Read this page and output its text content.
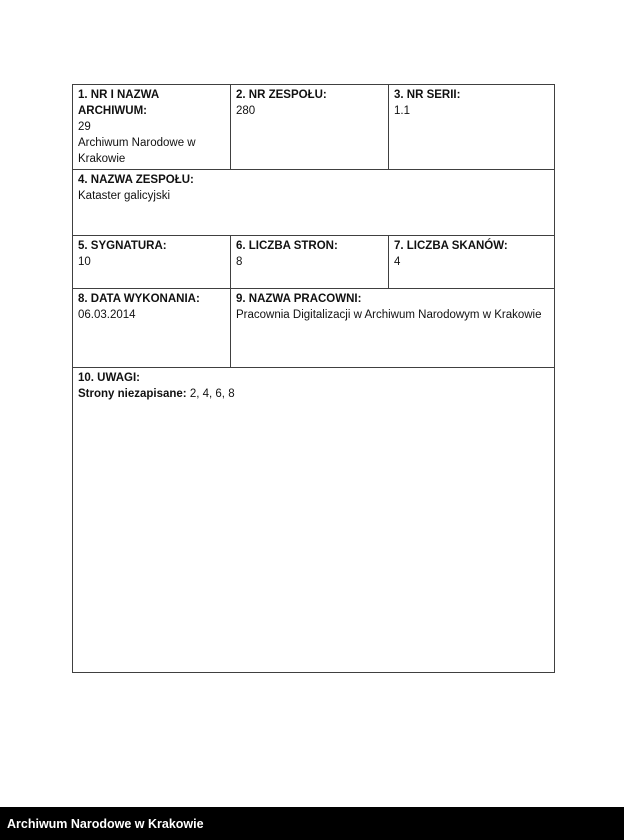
1. NR I NAZWA ARCHIWUM:
29
Archiwum Narodowe w Krakowie

2. NR ZESPOŁU:
280

3. NR SERII:
1.1

4. NAZWA ZESPOŁU:
Kataster galicyjski		

5. SYGNATURA:
10

6. LICZBA STRON:
8

7. LICZBA SKANÓW:
4

8. DATA WYKONANIA:
06.03.2014

9. NAZWA PRACOWNI:
Pracownia Digitalizacji w Archiwum Narodowym w Krakowie

10. UWAGI:
Strony niezapisane: 2, 4, 6, 8		
Archiwum Narodowe w Krakowie
